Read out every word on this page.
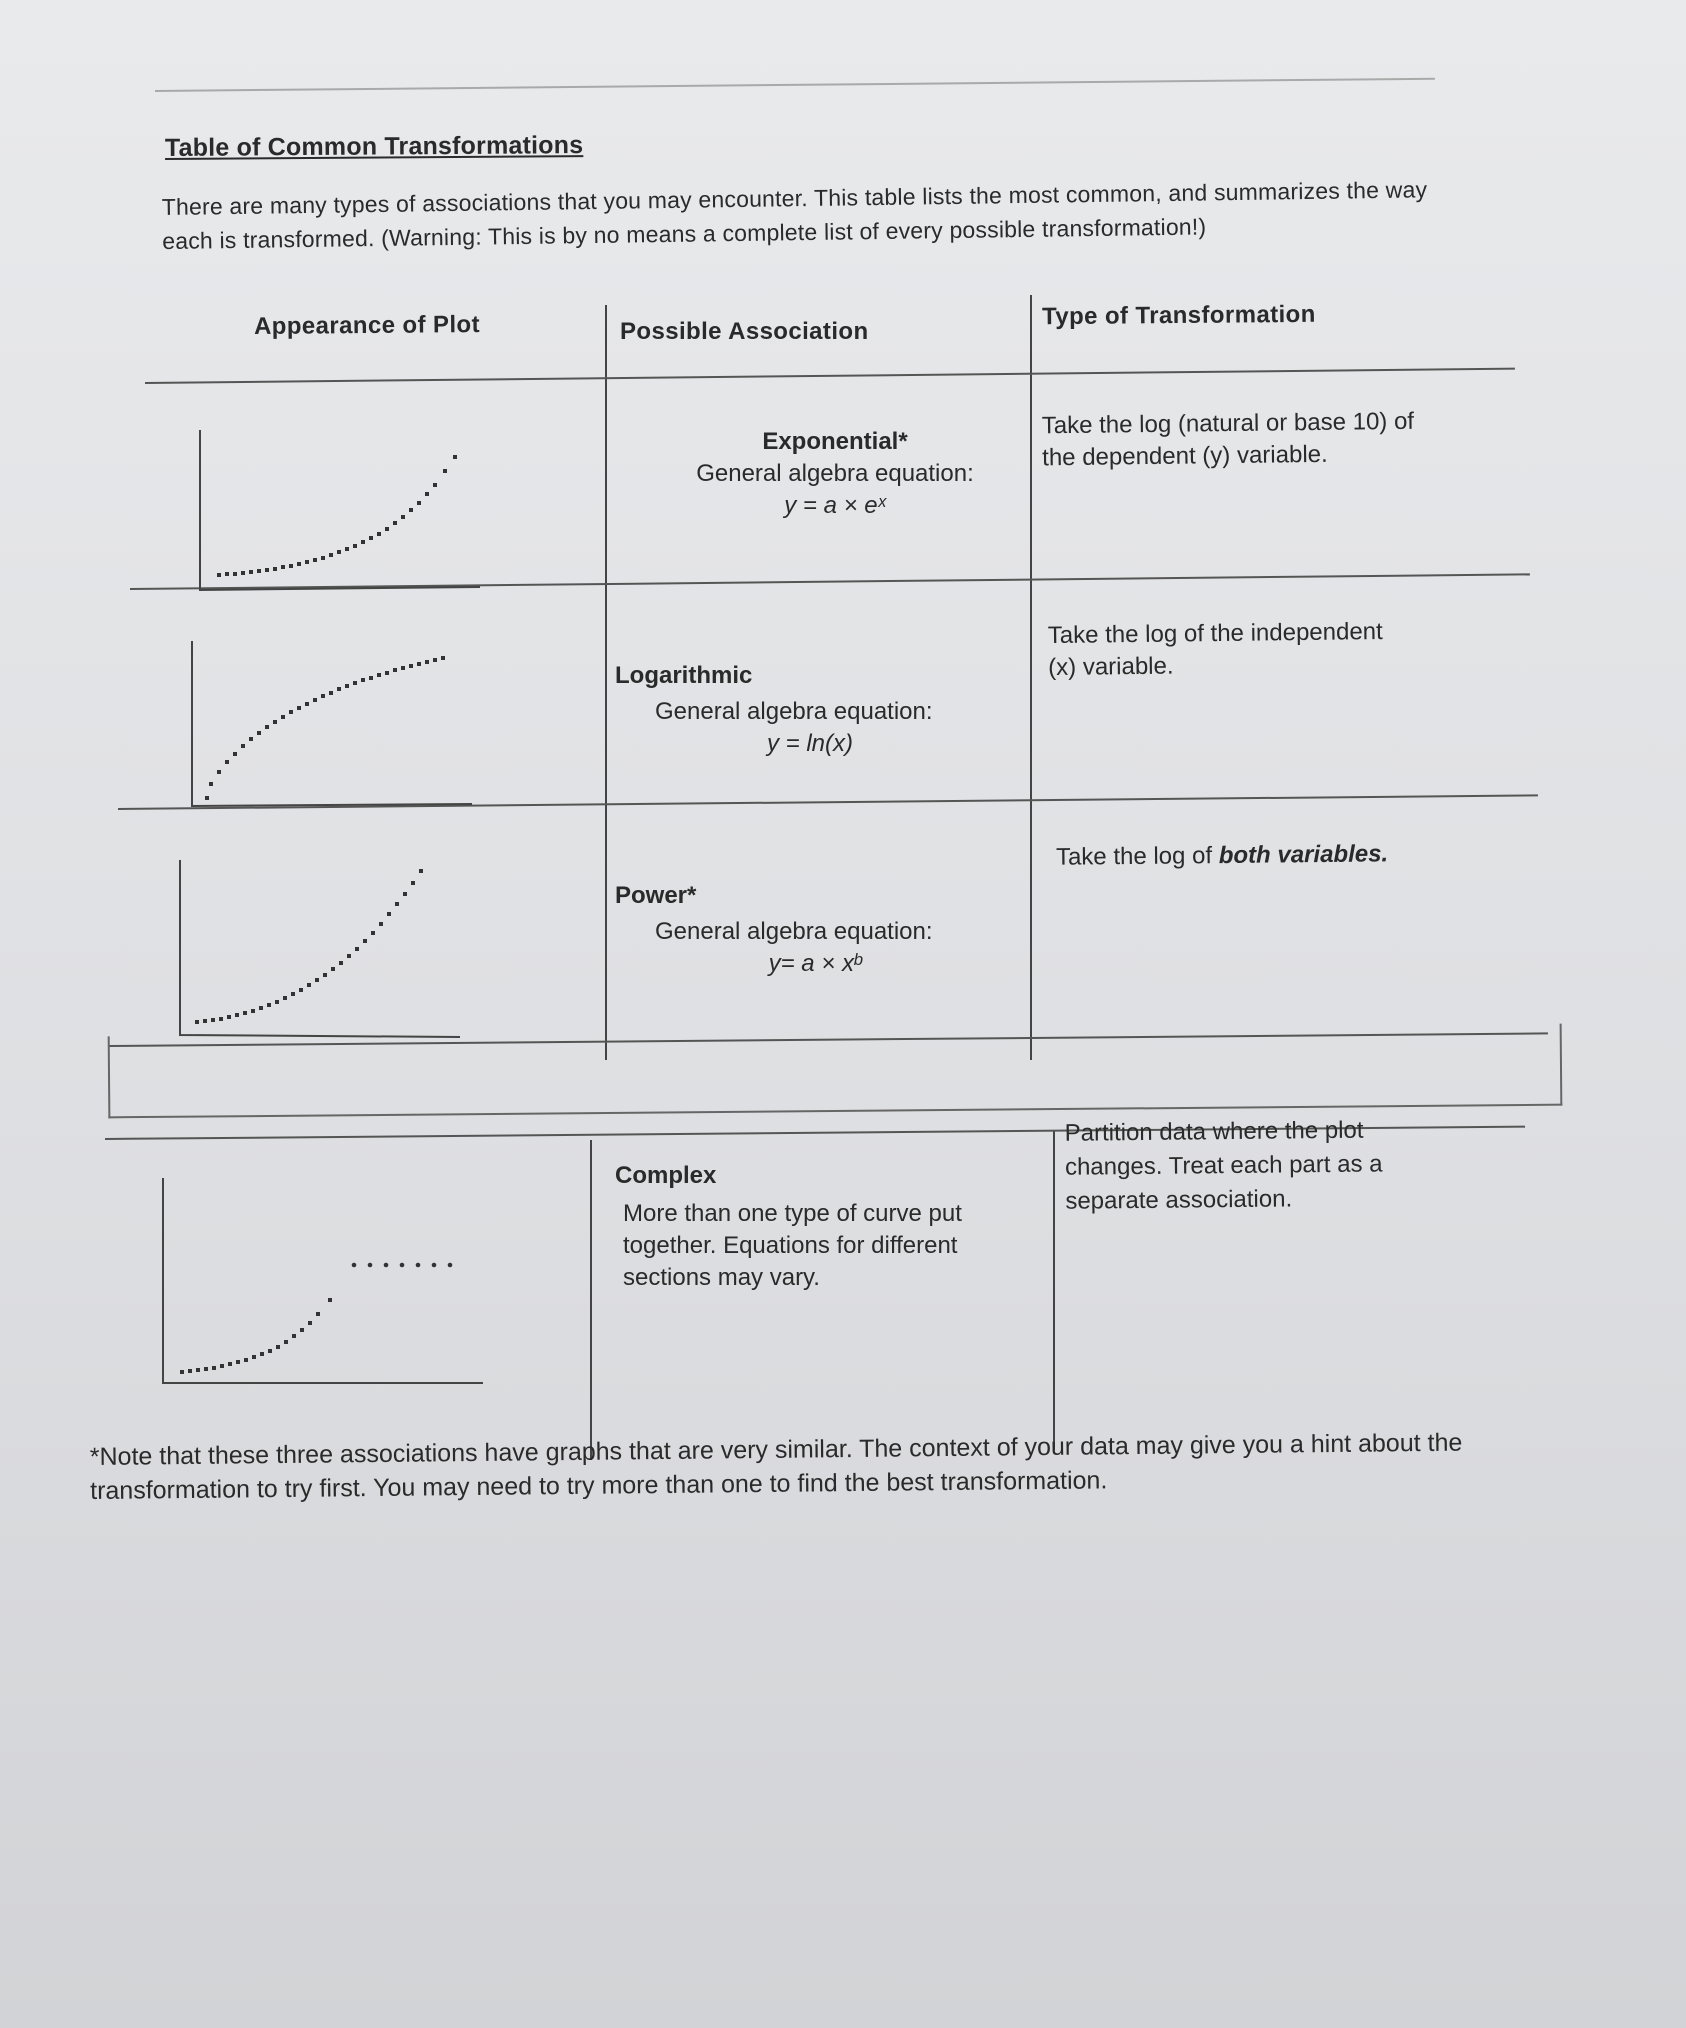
Table of Common Transformations
There are many types of associations that you may encounter. This table lists the most common, and summarizes the way each is transformed. (Warning: This is by no means a complete list of every possible transformation!)
Appearance of Plot	Possible Association
Type of Transformation
Exponential*
General algebra equation:
y = a × eˣ
Take the log (natural or base 10) of the dependent (y) variable.
Logarithmic
General algebra equation:
y = ln(x)
Take the log of the independent (x) variable.
Power*
General algebra equation:
y= a × xᵇ
Take the log of both variables.
Complex
More than one type of curve put together. Equations for different sections may vary.
Partition data where the plot changes. Treat each part as a separate association.
*Note that these three associations have graphs that are very similar. The context of your data may give you a hint about the transformation to try first. You may need to try more than one to find the best transformation.
